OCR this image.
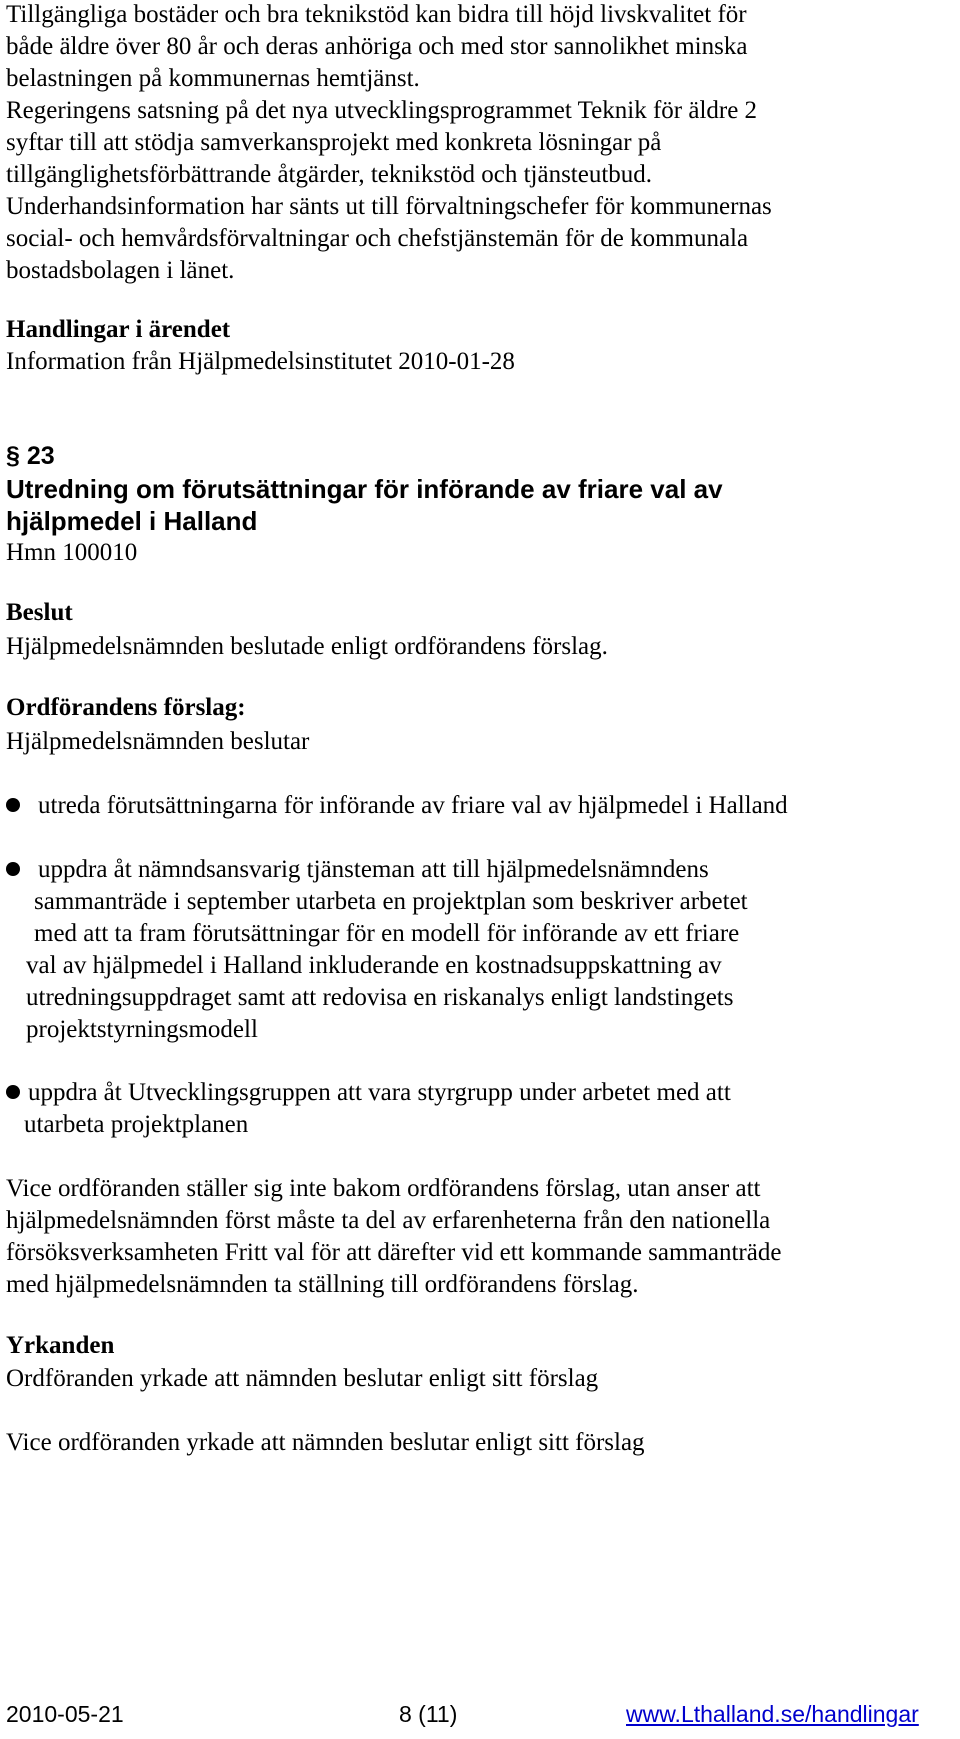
Tillgängliga bostäder och bra teknikstöd kan bidra till höjd livskvalitet för
både äldre över 80 år och deras anhöriga och med stor sannolikhet minska
belastningen på kommunernas hemtjänst.
Regeringens satsning på det nya utvecklingsprogrammet Teknik för äldre 2
syftar till att stödja samverkansprojekt med konkreta lösningar på
tillgänglighetsförbättrande åtgärder, teknikstöd och tjänsteutbud.
Underhandsinformation har sänts ut till förvaltningschefer för kommunernas
social- och hemvårdsförvaltningar och chefstjänstemän för de kommunala
bostadsbolagen i länet.
Handlingar i ärendet
Information från Hjälpmedelsinstitutet 2010-01-28
§ 23
Utredning om förutsättningar för införande av friare val av
hjälpmedel i Halland
Hmn 100010
Beslut
Hjälpmedelsnämnden beslutade enligt ordförandens förslag.
Ordförandens förslag:
Hjälpmedelsnämnden beslutar
utreda förutsättningarna för införande av friare val av hjälpmedel i Halland
uppdra åt nämndsansvarig tjänsteman att till hjälpmedelsnämndens
sammanträde i september utarbeta en projektplan som beskriver arbetet
med att ta fram förutsättningar för en modell för införande av ett friare
val av hjälpmedel i Halland inkluderande en kostnadsuppskattning av
utredningsuppdraget samt att redovisa en riskanalys enligt landstingets
projektstyrningsmodell
uppdra åt Utvecklingsgruppen att vara styrgrupp under arbetet med att
utarbeta projektplanen
Vice ordföranden ställer sig inte bakom ordförandens förslag, utan anser att
hjälpmedelsnämnden först måste ta del av erfarenheterna från den nationella
försöksverksamheten Fritt val för att därefter vid ett kommande sammanträde
med hjälpmedelsnämnden ta ställning till ordförandens förslag.
Yrkanden
Ordföranden yrkade att nämnden beslutar enligt sitt förslag
Vice ordföranden yrkade att nämnden beslutar enligt sitt förslag
2010-05-21	8 (11)	www.Lthalland.se/handlingar
